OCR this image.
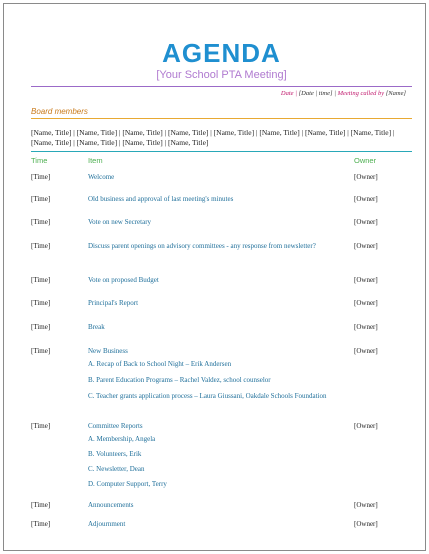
AGENDA
[Your School PTA Meeting]
Date | [Date | time] | Meeting called by [Name]
Board members
[Name, Title] | [Name, Title] | [Name, Title] | [Name, Title] | [Name, Title] | [Name, Title] | [Name, Title] | [Name, Title] | [Name, Title] | [Name, Title] | [Name, Title] | [Name, Title]
Time	Item	Owner
[Time]	Welcome	[Owner]
[Time]	Old business and approval of last meeting's minutes	[Owner]
[Time]	Vote on new Secretary	[Owner]
[Time]	Discuss parent openings on advisory committees - any response from newsletter?	[Owner]
[Time]	Vote on proposed Budget	[Owner]
[Time]	Principal's Report	[Owner]
[Time]	Break	[Owner]
[Time]	New Business	[Owner]
A. Recap of Back to School Night – Erik Andersen
B. Parent Education Programs – Rachel Valdez, school counselor
C. Teacher grants application process – Laura Giussani, Oakdale Schools Foundation
[Time]	Committee Reports	[Owner]
A. Membership, Angela
B. Volunteers, Erik
C. Newsletter, Dean
D. Computer Support, Terry
[Time]	Announcements	[Owner]
[Time]	Adjournment	[Owner]
